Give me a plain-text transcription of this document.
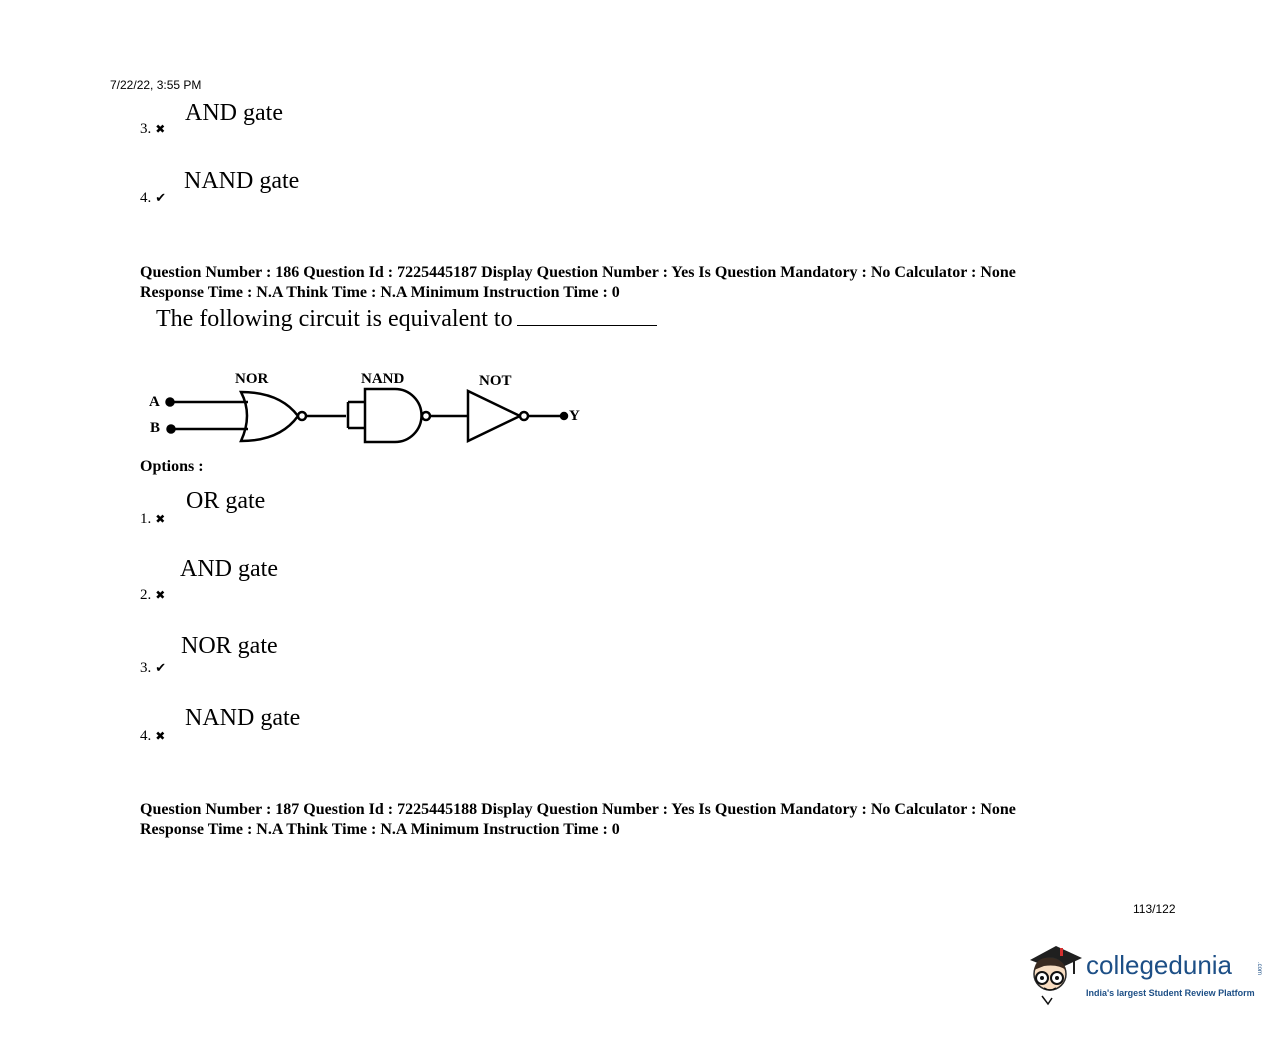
7/22/22, 3:55 PM
3. ✖
AND gate
4. ✔
NAND gate
Question Number : 186 Question Id : 7225445187 Display Question Number : Yes Is Question Mandatory : No Calculator : None
Response Time : N.A Think Time : N.A Minimum Instruction Time : 0
The following circuit is equivalent to
NOR	NAND	NOT
A
B
Y
Options :
1. ✖
OR gate
2. ✖
AND gate
3. ✔
NOR gate
4. ✖
NAND gate
Question Number : 187 Question Id : 7225445188 Display Question Number : Yes Is Question Mandatory : No Calculator : None
Response Time : N.A Think Time : N.A Minimum Instruction Time : 0
113/122
collegedunia	.com
India's largest Student Review Platform
